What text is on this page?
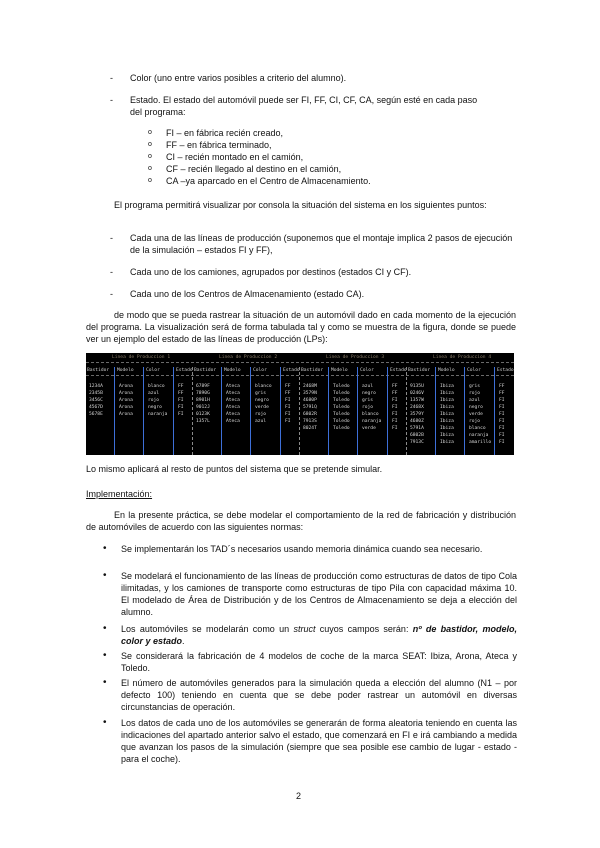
- Color (uno entre varios posibles a criterio del alumno).
- Estado. El estado del automóvil puede ser FI, FF, CI, CF, CA, según esté en cada paso
del programa:
o FI – en fábrica recién creado,
o FF – en fábrica terminado,
o CI – recién montado en el camión,
o CF – recién llegado al destino en el camión,
o CA –ya aparcado en el Centro de Almacenamiento.
El programa permitirá visualizar por consola la situación del sistema en los siguientes puntos:
- Cada una de las líneas de producción (suponemos que el montaje implica 2 pasos de ejecución de la simulación – estados FI y FF),
- Cada uno de los camiones, agrupados por destinos (estados CI y CF).
- Cada uno de los Centros de Almacenamiento (estado CA).
de modo que se pueda rastrear la situación de un automóvil dado en cada momento de la ejecución del programa. La visualización será de forma tabulada tal y como se muestra de la figura, donde se puede ver un ejemplo del estado de las líneas de producción (LPs):
Linea de Produccion 1
Bastidor Modelo	Color	Estado
1234A	Arona	blanco	FF
2345B	Arona	azul	FF
3456C	Arona	rojo	FI
4567D	Arona	negro	FI
5678E	Arona	naranja FI
Linea de Produccion 2
Bastidor Modelo	Color	Estado
6789F	Ateca	blanco	FF
7890G	Ateca	gris	FF
8901H	Ateca	negro	FI
9012J	Ateca	verde	FI
0123K	Ateca	rojo	FI
1357L	Ateca	azul	FI
Linea de Produccion 3
Bastidor Modelo	Color	Estado
2468M	Toledo	azul	FF
3579N	Toledo	negro	FF
4680P	Toledo	gris	FI
5791Q	Toledo	rojo	FI
6802R	Toledo	blanco	FI
7913S	Toledo	naranja FI
8024T	Toledo	verde	FI
Linea de Produccion 4
Bastidor Modelo	Color	Estado
9135U	Ibiza	gris	FF
0246V	Ibiza	rojo	FF
1357W	Ibiza	azul	FI
2468X	Ibiza	negro	FI
3579Y	Ibiza	verde	FI
4680Z	Ibiza	rojo	FI
5791A	Ibiza	blanco	FI
6802B	Ibiza	naranja FI
7913C	Ibiza	amarillo FI
Lo mismo aplicará al resto de puntos del sistema que se pretende simular.
Implementación:
En la presente práctica, se debe modelar el comportamiento de la red de fabricación y distribución de automóviles de acuerdo con las siguientes normas:
• Se implementarán los TAD´s necesarios usando memoria dinámica cuando sea necesario.
• Se modelará el funcionamiento de las líneas de producción como estructuras de datos de tipo Cola ilimitadas, y los camiones de transporte como estructuras de tipo Pila con capacidad máxima 10. El modelado de Área de Distribución y de los Centros de Almacenamiento se deja a elección del alumno.
• Los automóviles se modelarán como un struct cuyos campos serán: nº de bastidor, modelo, color y estado.
• Se considerará la fabricación de 4 modelos de coche de la marca SEAT: Ibiza, Arona, Ateca y Toledo.
• El número de automóviles generados para la simulación queda a elección del alumno (N1 – por defecto 100) teniendo en cuenta que se debe poder rastrear un automóvil en diversas circunstancias de operación.
• Los datos de cada uno de los automóviles se generarán de forma aleatoria teniendo en cuenta las indicaciones del apartado anterior salvo el estado, que comenzará en FI e irá cambiando a medida que avanzan los pasos de la simulación (siempre que sea posible ese cambio de lugar - estado - para el coche).
2
